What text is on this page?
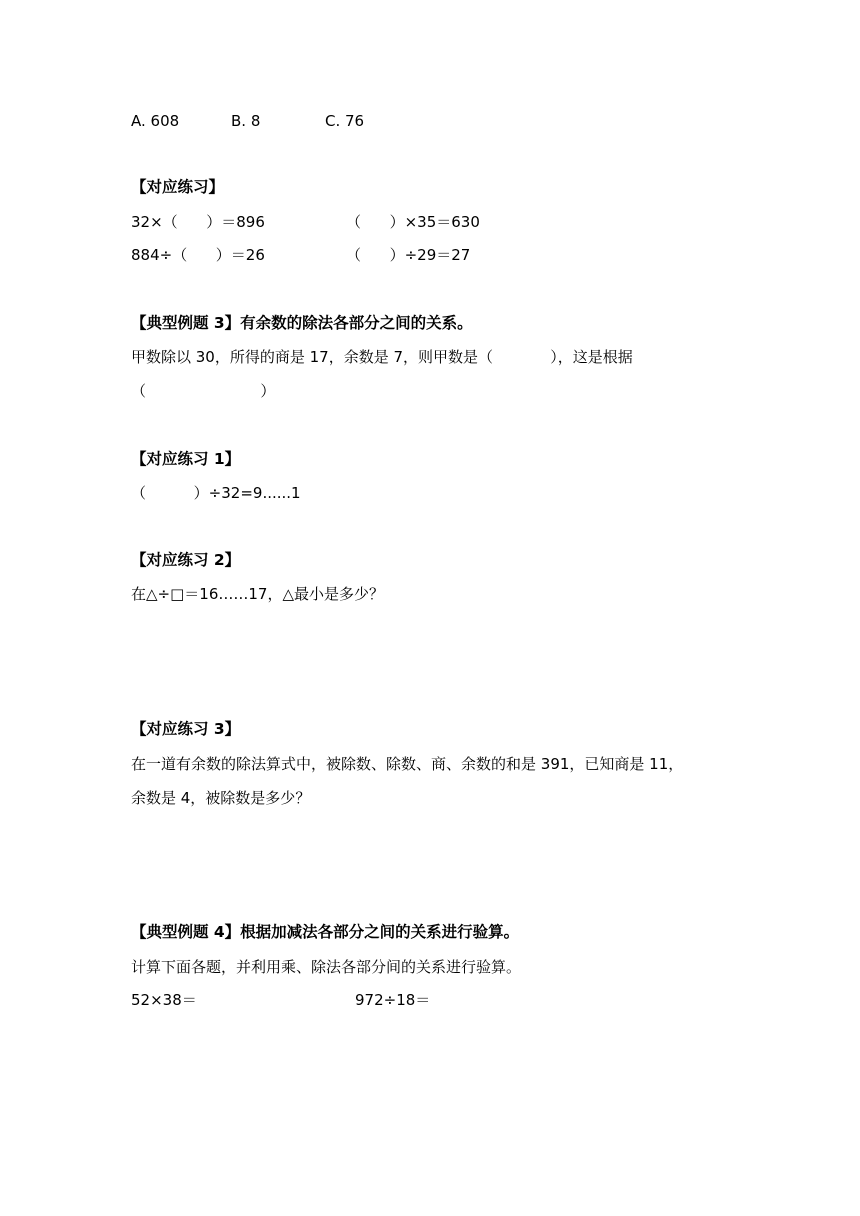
A. 608	B. 8	C. 76
【对应练习】
32×（      ）＝896	（      ）×35＝630
884÷（      ）＝26	（      ）÷29＝27
【典型例题 3】有余数的除法各部分之间的关系。
甲数除以 30，所得的商是 17，余数是 7，则甲数是（            ），这是根据
（                        ）
【对应练习 1】
（          ）÷32=9......1
【对应练习 2】
在△÷□＝16……17，△最小是多少？
【对应练习 3】
在一道有余数的除法算式中，被除数、除数、商、余数的和是 391，已知商是 11，
余数是 4，被除数是多少？
【典型例题 4】根据加减法各部分之间的关系进行验算。
计算下面各题，并利用乘、除法各部分间的关系进行验算。
52×38＝	972÷18＝
